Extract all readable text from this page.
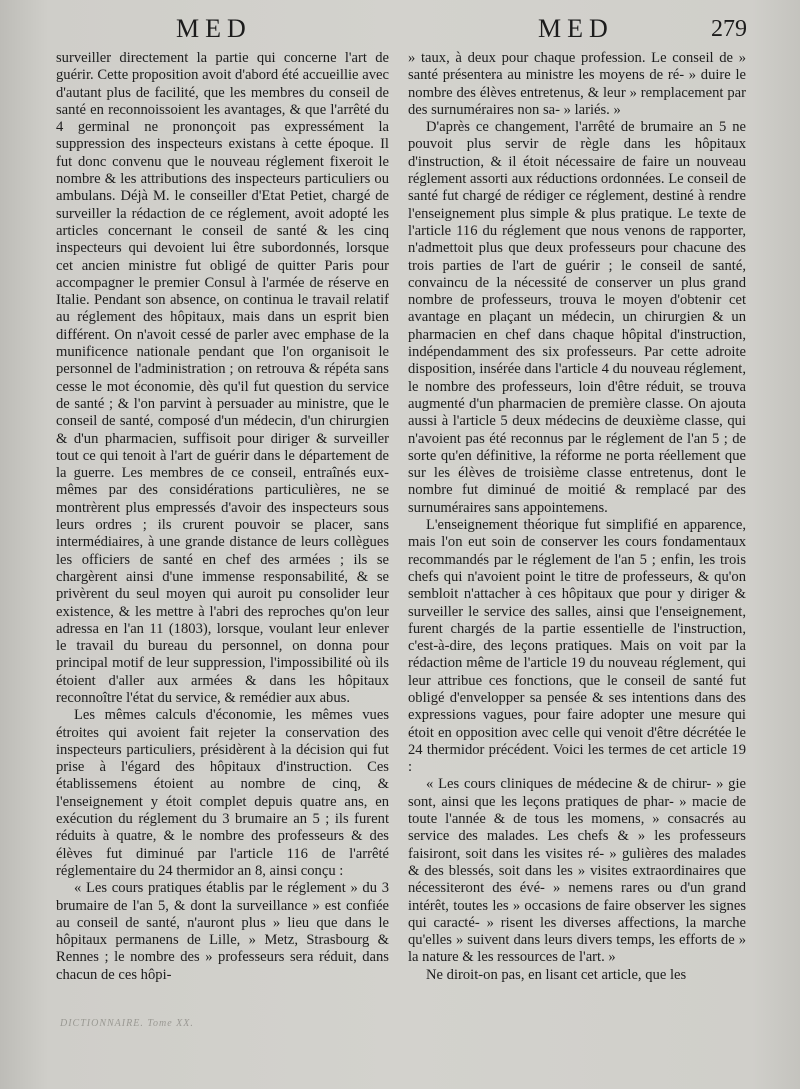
MED	MED	279

surveiller directement la partie qui concerne l'art de guérir. Cette proposition avoit d'abord été accueillie avec d'autant plus de facilité, que les membres du conseil de santé en reconnoissoient les avantages, & que l'arrêté du 4 germinal ne prononçoit pas expressément la suppression des inspecteurs existans à cette époque. Il fut donc convenu que le nouveau réglement fixeroit le nombre & les attributions des inspecteurs particuliers ou ambulans. Déjà M. le conseiller d'Etat Petiet, chargé de surveiller la rédaction de ce réglement, avoit adopté les articles concernant le conseil de santé & les cinq inspecteurs qui devoient lui être subordonnés, lorsque cet ancien ministre fut obligé de quitter Paris pour accompagner le premier Consul à l'armée de réserve en Italie. Pendant son absence, on continua le travail relatif au réglement des hôpitaux, mais dans un esprit bien différent. On n'avoit cessé de parler avec emphase de la munificence nationale pendant que l'on organisoit le personnel de l'administration ; on retrouva & répéta sans cesse le mot économie, dès qu'il fut question du service de santé ; & l'on parvint à persuader au ministre, que le conseil de santé, composé d'un médecin, d'un chirurgien & d'un pharmacien, suffisoit pour diriger & surveiller tout ce qui tenoit à l'art de guérir dans le département de la guerre. Les membres de ce conseil, entraînés eux-mêmes par des considérations particulières, ne se montrèrent plus empressés d'avoir des inspecteurs sous leurs ordres ; ils crurent pouvoir se placer, sans intermédiaires, à une grande distance de leurs collègues les officiers de santé en chef des armées ; ils se chargèrent ainsi d'une immense responsabilité, & se privèrent du seul moyen qui auroit pu consolider leur existence, & les mettre à l'abri des reproches qu'on leur adressa en l'an 11 (1803), lorsque, voulant leur enlever le travail du bureau du personnel, on donna pour principal motif de leur suppression, l'impossibilité où ils étoient d'aller aux armées & dans les hôpitaux reconnoître l'état du service, & remédier aux abus.

Les mêmes calculs d'économie, les mêmes vues étroites qui avoient fait rejeter la conservation des inspecteurs particuliers, présidèrent à la décision qui fut prise à l'égard des hôpitaux d'instruction. Ces établissemens étoient au nombre de cinq, & l'enseignement y étoit complet depuis quatre ans, en exécution du réglement du 3 brumaire an 5 ; ils furent réduits à quatre, & le nombre des professeurs & des élèves fut diminué par l'article 116 de l'arrêté réglementaire du 24 thermidor an 8, ainsi conçu :

« Les cours pratiques établis par le réglement » du 3 brumaire de l'an 5, & dont la surveillance » est confiée au conseil de santé, n'auront plus » lieu que dans le hôpitaux permanens de Lille, » Metz, Strasbourg & Rennes ; le nombre des » professeurs sera réduit, dans chacun de ces hôpi-

» taux, à deux pour chaque profession. Le conseil de » santé présentera au ministre les moyens de ré- » duire le nombre des élèves entretenus, & leur » remplacement par des surnuméraires non sa- » lariés. »

D'après ce changement, l'arrêté de brumaire an 5 ne pouvoit plus servir de règle dans les hôpitaux d'instruction, & il étoit nécessaire de faire un nouveau réglement assorti aux réductions ordonnées. Le conseil de santé fut chargé de rédiger ce réglement, destiné à rendre l'enseignement plus simple & plus pratique. Le texte de l'article 116 du réglement que nous venons de rapporter, n'admettoit plus que deux professeurs pour chacune des trois parties de l'art de guérir ; le conseil de santé, convaincu de la nécessité de conserver un plus grand nombre de professeurs, trouva le moyen d'obtenir cet avantage en plaçant un médecin, un chirurgien & un pharmacien en chef dans chaque hôpital d'instruction, indépendamment des six professeurs. Par cette adroite disposition, insérée dans l'article 4 du nouveau réglement, le nombre des professeurs, loin d'être réduit, se trouva augmenté d'un pharmacien de première classe. On ajouta aussi à l'article 5 deux médecins de deuxième classe, qui n'avoient pas été reconnus par le réglement de l'an 5 ; de sorte qu'en définitive, la réforme ne porta réellement que sur les élèves de troisième classe entretenus, dont le nombre fut diminué de moitié & remplacé par des surnuméraires sans appointemens.

L'enseignement théorique fut simplifié en apparence, mais l'on eut soin de conserver les cours fondamentaux recommandés par le réglement de l'an 5 ; enfin, les trois chefs qui n'avoient point le titre de professeurs, & qu'on sembloit n'attacher à ces hôpitaux que pour y diriger & surveiller le service des salles, ainsi que l'enseignement, furent chargés de la partie essentielle de l'instruction, c'est-à-dire, des leçons pratiques. Mais on voit par la rédaction même de l'article 19 du nouveau réglement, qui leur attribue ces fonctions, que le conseil de santé fut obligé d'envelopper sa pensée & ses intentions dans des expressions vagues, pour faire adopter une mesure qui étoit en opposition avec celle qui venoit d'être décrétée le 24 thermidor précédent. Voici les termes de cet article 19 :

« Les cours cliniques de médecine & de chirur- » gie sont, ainsi que les leçons pratiques de phar- » macie de toute l'année & de tous les momens, » consacrés au service des malades. Les chefs & » les professeurs faisiront, soit dans les visites ré- » gulières des malades & des blessés, soit dans les » visites extraordinaires que nécessiteront des évé- » nemens rares ou d'un grand intérêt, toutes les » occasions de faire observer les signes qui caracté- » risent les diverses affections, la marche qu'elles » suivent dans leurs divers temps, les efforts de » la nature & les ressources de l'art. »

Ne diroit-on pas, en lisant cet article, que les

DICTIONNAIRE. Tome XX.
